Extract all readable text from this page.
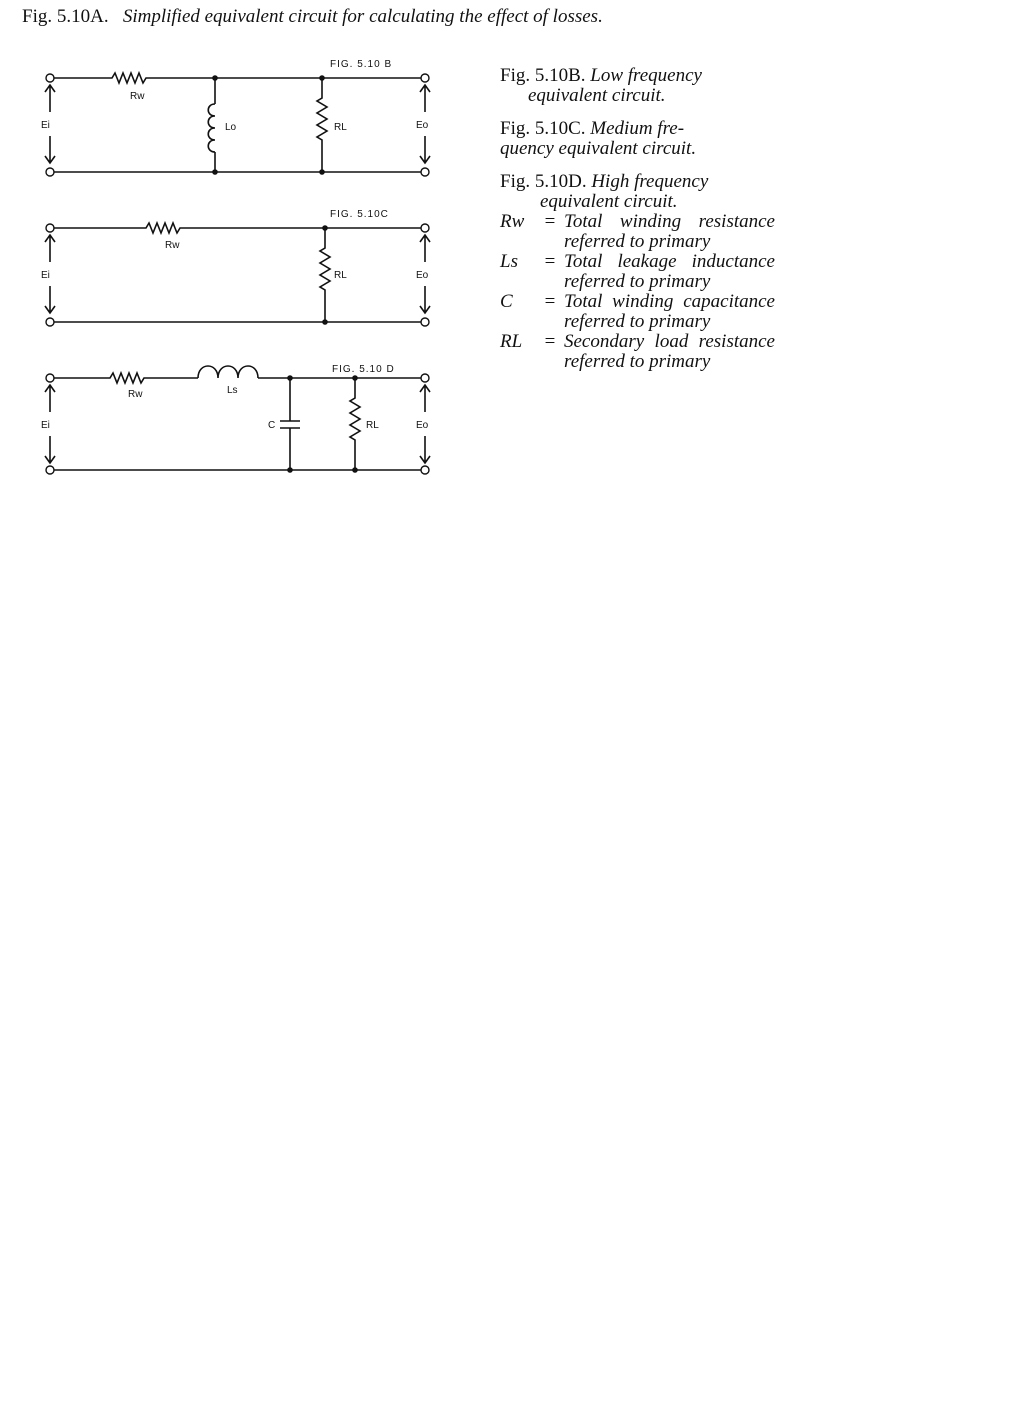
Fig. 5.10A. Simplified equivalent circuit for calculating the effect of losses.
FIG. 5.10 B
Ei	Eo
Rw
Lo	RL
FIG. 5.10C
Ei	Eo
Rw
RL
FIG. 5.10 D
Ei	Eo
Rw	Ls
C	RL
Fig. 5.10B. Low frequency
equivalent circuit.
Fig. 5.10C. Medium fre-
quency equivalent circuit.
Fig. 5.10D. High frequency
equivalent circuit.
Rw	= Total winding resistance referred to primary
Ls	= Total leakage inductance referred to primary
C	= Total winding capacitance referred to primary
RL	= Secondary load resistance referred to primary
